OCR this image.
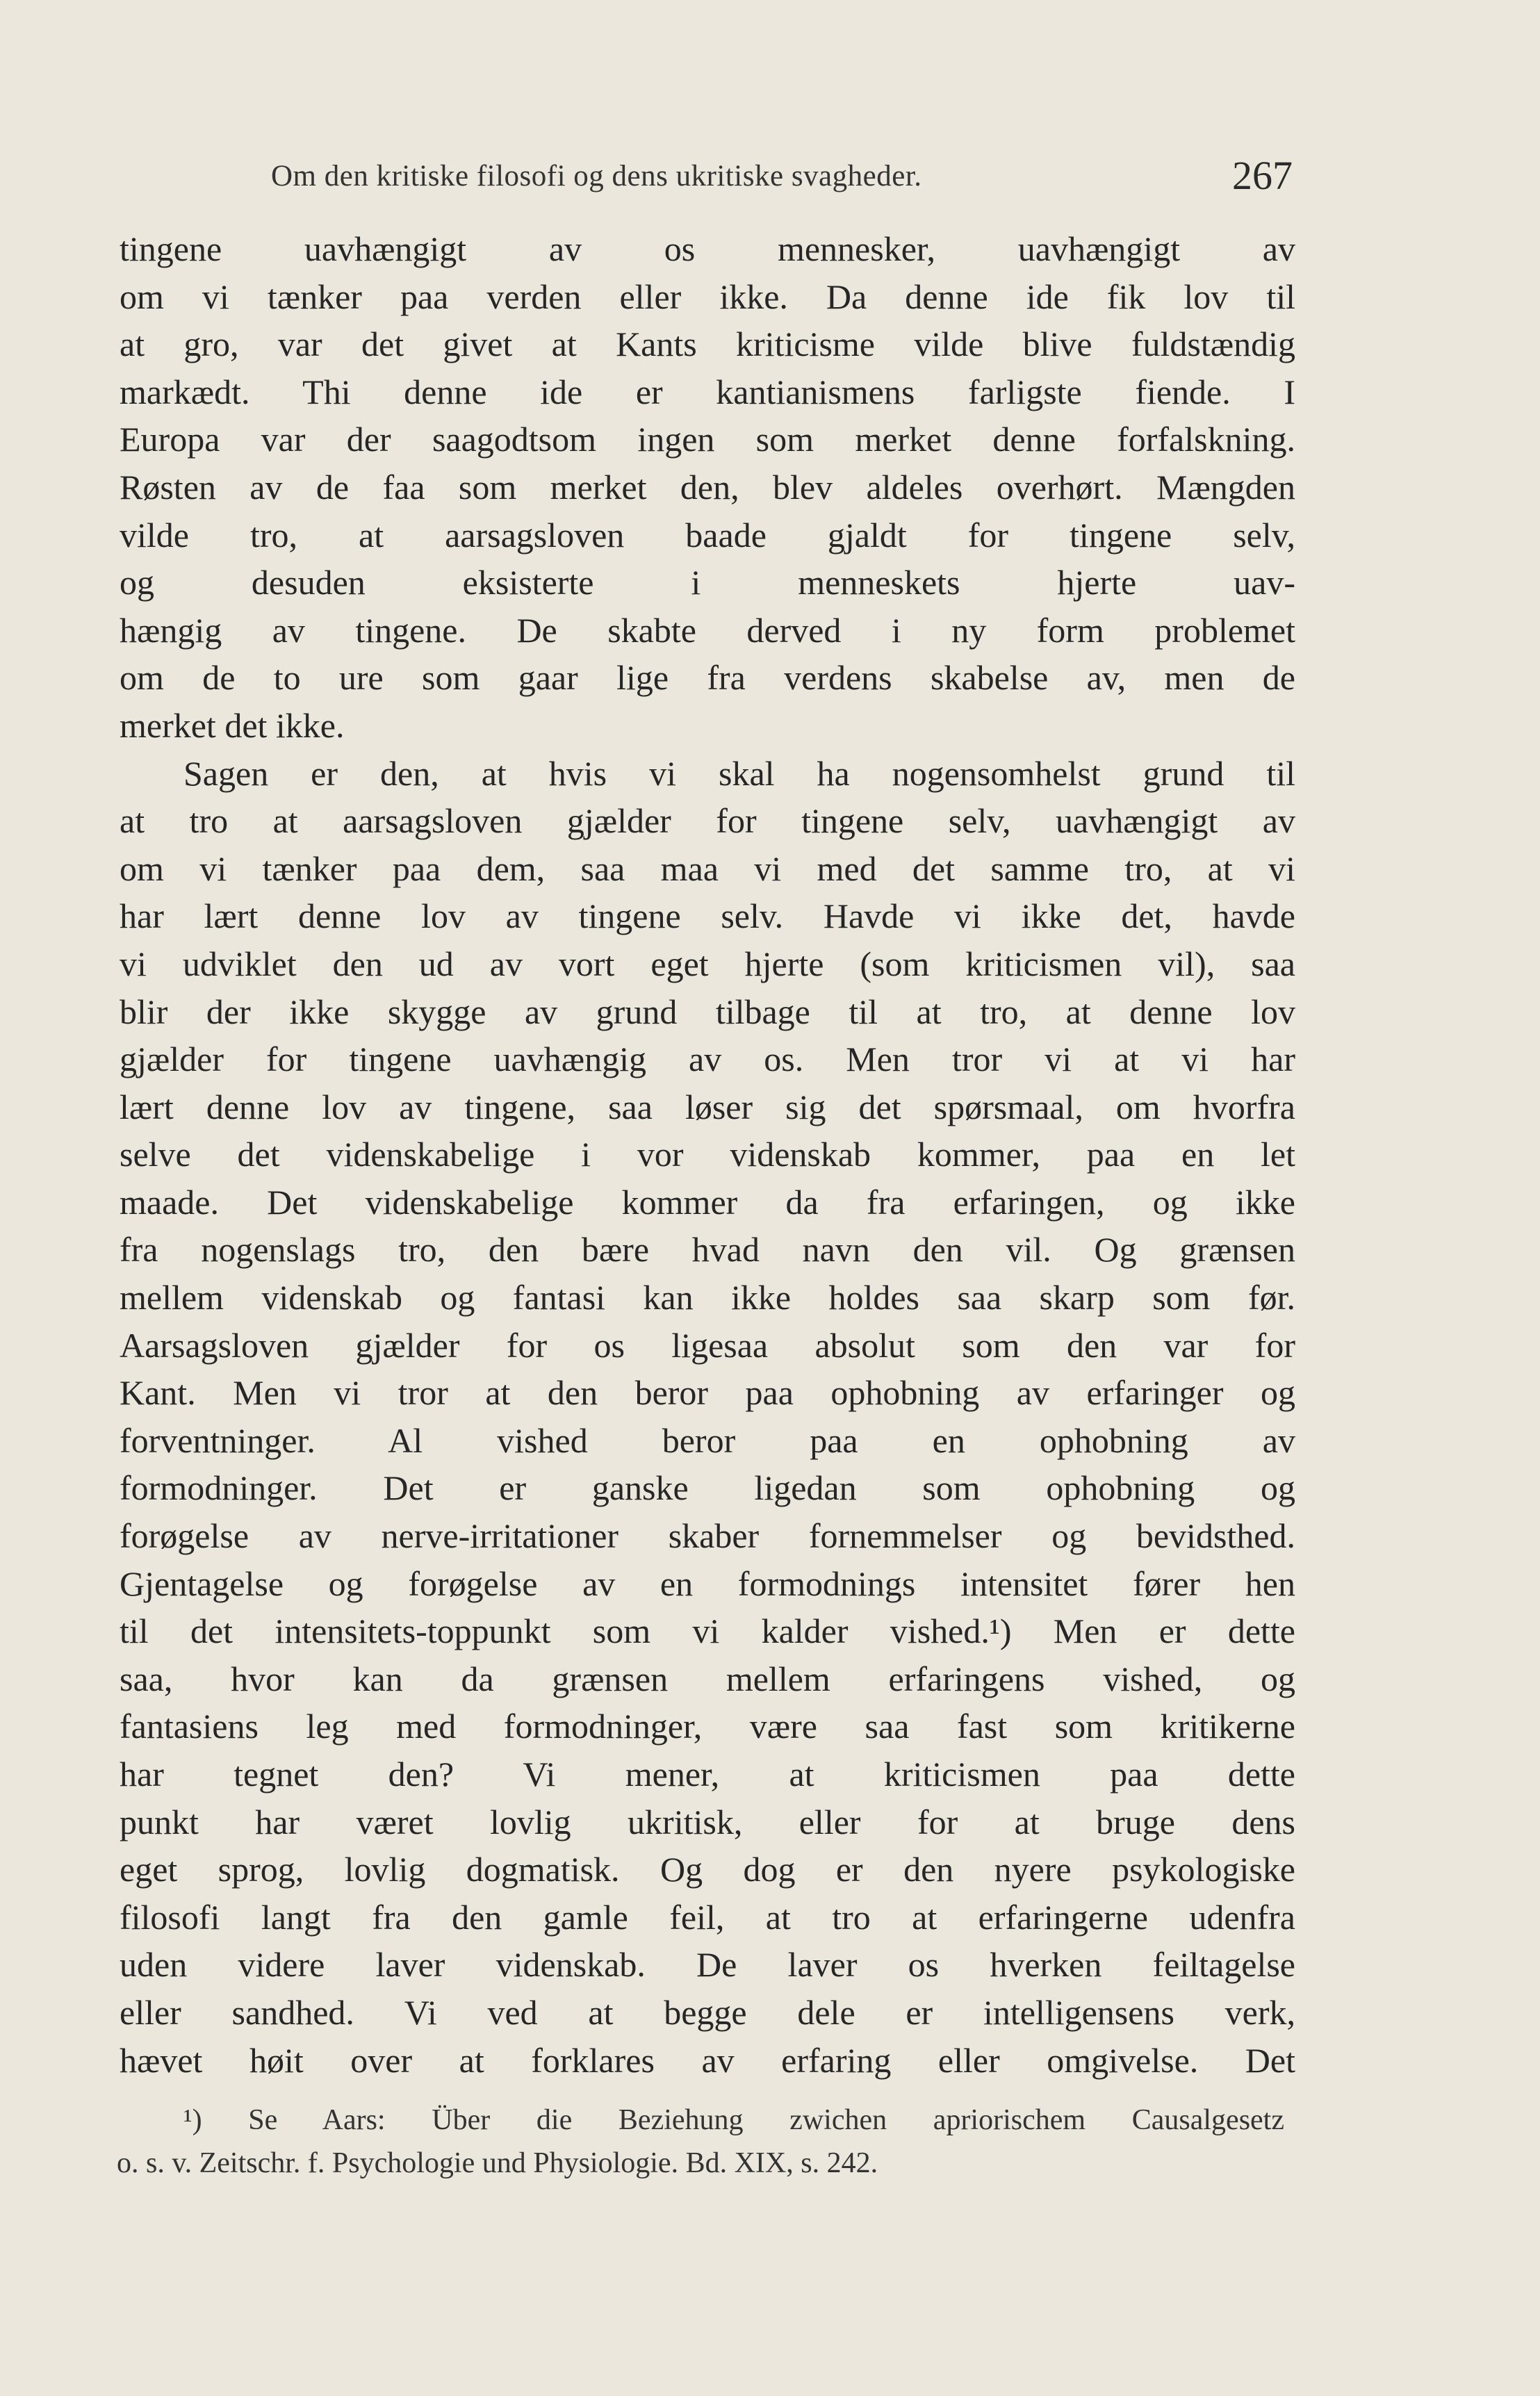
Om den kritiske filosofi og dens ukritiske svagheder.	267
tingene uavhængigt av os mennesker, uavhængigt av
om vi tænker paa verden eller ikke. Da denne ide fik lov til
at gro, var det givet at Kants kriticisme vilde blive fuldstændig
markædt. Thi denne ide er kantianismens farligste fiende. I
Europa var der saagodtsom ingen som merket denne forfalskning.
Røsten av de faa som merket den, blev aldeles overhørt. Mængden
vilde tro, at aarsagsloven baade gjaldt for tingene selv,
og desuden eksisterte i menneskets hjerte uav-
hængig av tingene. De skabte derved i ny form problemet
om de to ure som gaar lige fra verdens skabelse av, men de
merket det ikke.
Sagen er den, at hvis vi skal ha nogensomhelst grund til
at tro at aarsagsloven gjælder for tingene selv, uavhængigt av
om vi tænker paa dem, saa maa vi med det samme tro, at vi
har lært denne lov av tingene selv. Havde vi ikke det, havde
vi udviklet den ud av vort eget hjerte (som kriticismen vil), saa
blir der ikke skygge av grund tilbage til at tro, at denne lov
gjælder for tingene uavhængig av os. Men tror vi at vi har
lært denne lov av tingene, saa løser sig det spørsmaal, om hvorfra
selve det videnskabelige i vor videnskab kommer, paa en let
maade. Det videnskabelige kommer da fra erfaringen, og ikke
fra nogenslags tro, den bære hvad navn den vil. Og grænsen
mellem videnskab og fantasi kan ikke holdes saa skarp som før.
Aarsagsloven gjælder for os ligesaa absolut som den var for
Kant. Men vi tror at den beror paa ophobning av erfaringer og
forventninger. Al vished beror paa en ophobning av
formodninger. Det er ganske ligedan som ophobning og
forøgelse av nerve-irritationer skaber fornemmelser og bevidsthed.
Gjentagelse og forøgelse av en formodnings intensitet fører hen
til det intensitets-toppunkt som vi kalder vished.¹) Men er dette
saa, hvor kan da grænsen mellem erfaringens vished, og
fantasiens leg med formodninger, være saa fast som kritikerne
har tegnet den? Vi mener, at kriticismen paa dette
punkt har været lovlig ukritisk, eller for at bruge dens
eget sprog, lovlig dogmatisk. Og dog er den nyere psykologiske
filosofi langt fra den gamle feil, at tro at erfaringerne udenfra
uden videre laver videnskab. De laver os hverken feiltagelse
eller sandhed. Vi ved at begge dele er intelligensens verk,
hævet høit over at forklares av erfaring eller omgivelse. Det
¹) Se Aars: Über die Beziehung zwichen apriorischem Causalgesetz
o. s. v. Zeitschr. f. Psychologie und Physiologie. Bd. XIX, s. 242.
